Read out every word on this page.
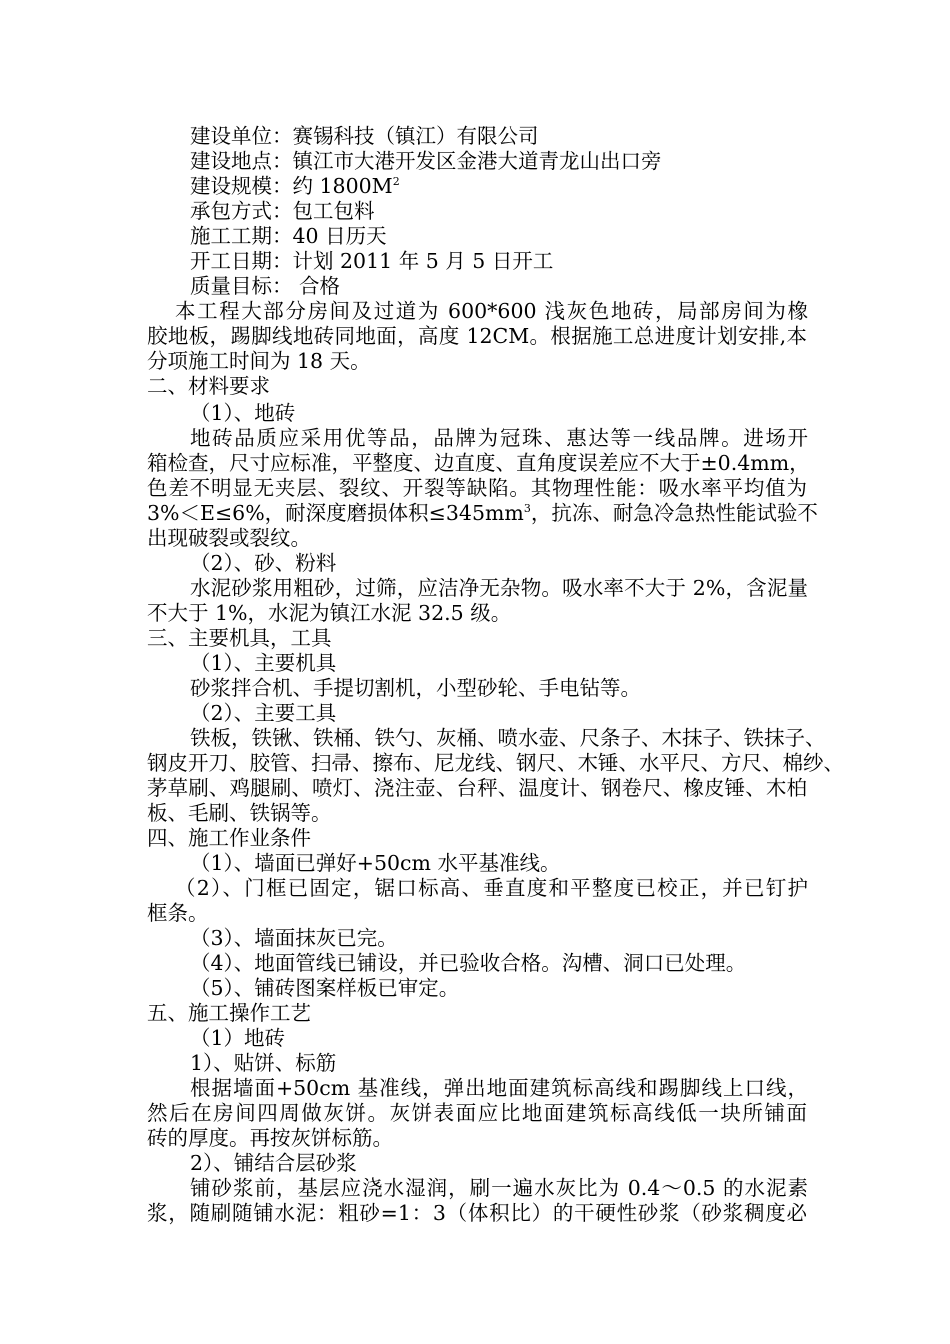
建设单位：赛锡科技（镇江）有限公司
建设地点：镇江市大港开发区金港大道青龙山出口旁
建设规模：约 $1800M^2$
承包方式：包工包料
施工工期：40 日历天
开工日期：计划 2011 年 5 月 5 日开工
质量目标： 合格
本工程大部分房间及过道为 600*600 浅灰色地砖，局部房间为橡
胶地板，踢脚线地砖同地面，高度 12CM。根据施工总进度计划安排,本
分项施工时间为 18 天。
二、材料要求
（1）、地砖
地砖品质应采用优等品，品牌为冠珠、惠达等一线品牌。进场开
箱检查，尺寸应标准，平整度、边直度、直角度误差应不大于±0.4mm，
色差不明显无夹层、裂纹、开裂等缺陷。其物理性能：吸水率平均值为
3%＜E≤6%，耐深度磨损体积$\le 345mm^3$，抗冻、耐急冷急热性能试验不
出现破裂或裂纹。
（2）、砂、粉料
水泥砂浆用粗砂，过筛，应洁净无杂物。吸水率不大于 2%，含泥量
不大于 1%，水泥为镇江水泥 32.5 级。
三、主要机具，工具
（1）、主要机具
砂浆拌合机、手提切割机，小型砂轮、手电钻等。
（2）、主要工具
铁板，铁锹、铁桶、铁勺、灰桶、喷水壶、尺条子、木抹子、铁抹子、
钢皮开刀、胶管、扫帚、擦布、尼龙线、钢尺、木锤、水平尺、方尺、棉纱、
茅草刷、鸡腿刷、喷灯、浇注壶、台秤、温度计、钢卷尺、橡皮锤、木柏
板、毛刷、铁锅等。
四、施工作业条件
（1）、墙面已弹好+50cm 水平基准线。
（2）、门框已固定，锯口标高、垂直度和平整度已校正，并已钉护
框条。
（3）、墙面抹灰已完。
（4）、地面管线已铺设，并已验收合格。沟槽、洞口已处理。
（5）、铺砖图案样板已审定。
五、施工操作工艺
（1）地砖
1）、贴饼、标筋
根据墙面+50cm 基准线，弹出地面建筑标高线和踢脚线上口线，
然后在房间四周做灰饼。灰饼表面应比地面建筑标高线低一块所铺面
砖的厚度。再按灰饼标筋。
2）、铺结合层砂浆
铺砂浆前，基层应浇水湿润，刷一遍水灰比为 0.4～0.5 的水泥素
浆，随刷随铺水泥：粗砂=1：3（体积比）的干硬性砂浆（砂浆稠度必
